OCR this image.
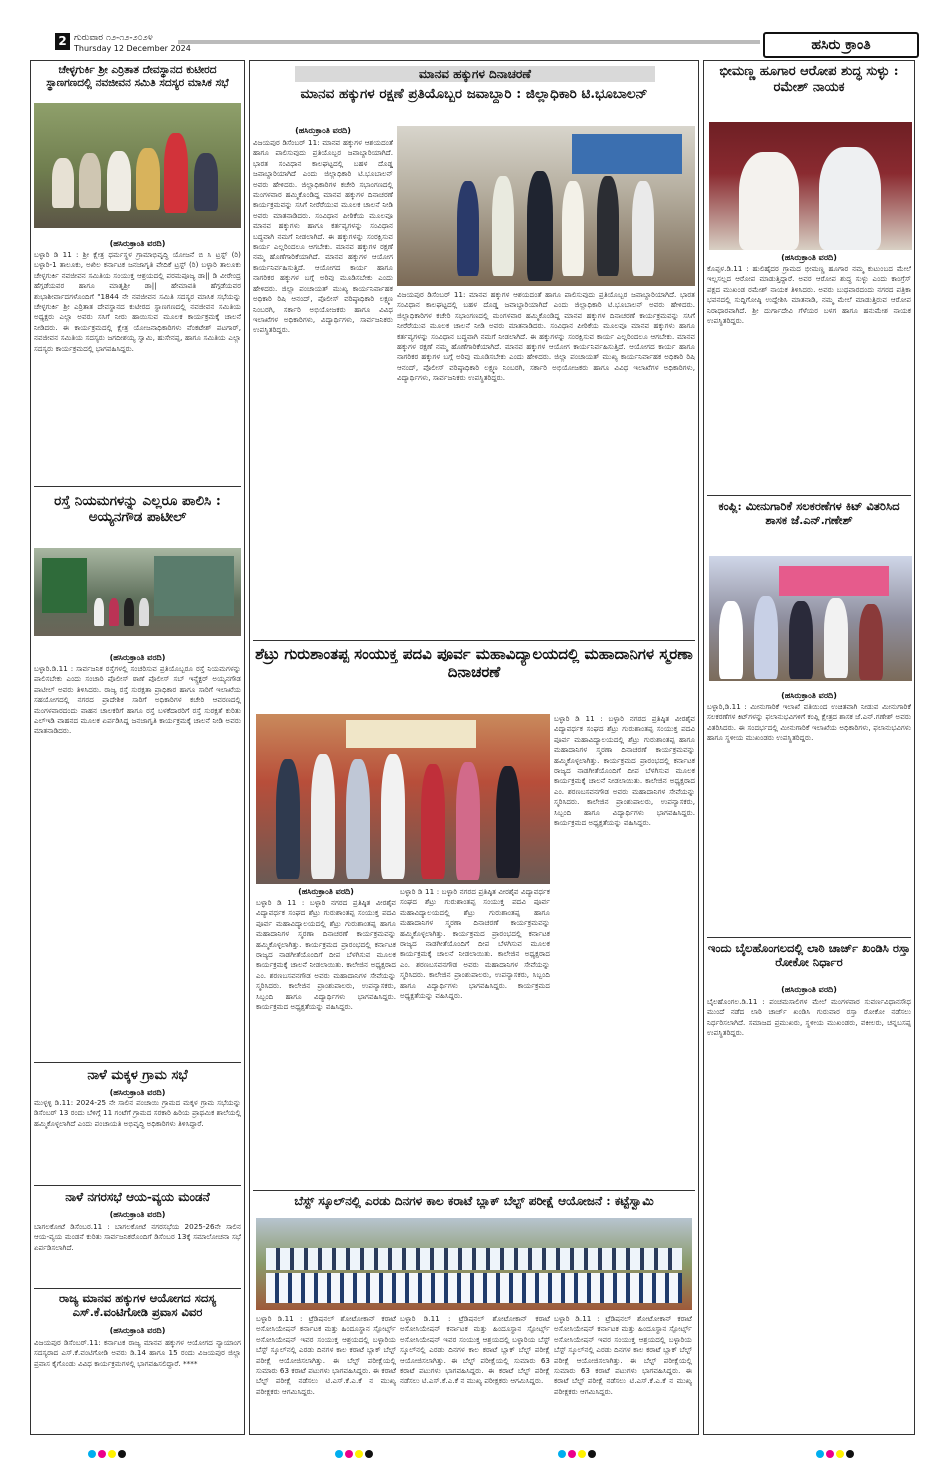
2 ಗುರುವಾರ ೧೨-೧೨-೨೦೨೪
Thursday 12 December 2024	ಹಸಿರು ಕ್ರಾಂತಿ
ಚೇಳ್ಳಗುರ್ಕಿ ಶ್ರೀ ಎರ್ರಿತಾತ ದೇವಸ್ಥಾನದ ಕುಟೀರದ ಸ್ಥಾಣಗಣದಲ್ಲಿ ನವಜೀವನ ಸಮಿತಿ ಸದಸ್ಯರ ಮಾಸಿಕ ಸಭೆ
(ಹಸಿರುಕ್ರಾಂತಿ ವರದಿ)
ಬಳ್ಳಾರಿ ಡಿ 11 : ಶ್ರೀ ಕ್ಷೇತ್ರ ಧರ್ಮಸ್ಥಳ ಗ್ರಾಮಾಭಿವೃದ್ಧಿ ಯೋಜನೆ ಬಿ ಸಿ ಟ್ರಸ್ಟ್ (ರಿ) ಬಳ್ಳಾರಿ-1 ತಾಲೂಕು, ಅಖಿಲ ಕರ್ನಾಟಕ ಜನಜಾಗೃತಿ ವೇದಿಕೆ ಟ್ರಸ್ಟ್ (ರಿ) ಬಳ್ಳಾರಿ ತಾಲೂಕು ಚೇಳ್ಳಗುರ್ಕಿ ನವಜೀವನ ಸಮಿತಿಯ ಸಂಯುಕ್ತ ಆಶ್ರಯದಲ್ಲಿ ಪರಮಪೂಜ್ಯ ಡಾ|| ಡಿ ವೀರೇಂದ್ರ ಹೆಗ್ಗಡೆಯವರ ಹಾಗೂ ಮಾತೃಶ್ರೀ ಡಾ|| ಹೇಮಾವತಿ ಹೆಗ್ಗಡೆಯವರ ಶುಭಾಶೀರ್ವಾದಗಳೊಂದಿಗೆ "1844 ನೇ ನವಜೀವನ ಸಮಿತಿ ಸದಸ್ಯರ ಮಾಸಿಕ ಸಭೆಯನ್ನು ಚೇಳ್ಳಗುರ್ಕಿ ಶ್ರೀ ಎರ್ರಿತಾತ ದೇವಸ್ಥಾನದ ಕುಟೀರದ ಸ್ಥಾಣಗಣದಲ್ಲಿ ನವಜೀವನ ಸಮಿತಿಯ ಅಧ್ಯಕ್ಷರು ಎಲ್ಲಾ ಅವರು ಸಸಿಗೆ ನೀರು ಹಾಯಿಸುವ ಮೂಲಕ ಕಾರ್ಯಕ್ರಮಕ್ಕೆ ಚಾಲನೆ ನೀಡಿದರು. ಈ ಕಾರ್ಯಕ್ರಮದಲ್ಲಿ ಕ್ಷೇತ್ರ ಯೋಜನಾಧಿಕಾರಿಗಳು ವೆಂಕಟೇಶ್ ಪಟಗಾರ್, ನವಜೀವನ ಸಮಿತಿಯ ಸದಸ್ಯರು ಜಗದೀಶಯ್ಯ ಸ್ವಾಮಿ, ಹುಸೇನಪ್ಪ, ಹಾಗೂ ಸಮಿತಿಯ ಎಲ್ಲಾ ಸದಸ್ಯರು ಕಾರ್ಯಕ್ರಮದಲ್ಲಿ ಭಾಗವಹಿಸಿದ್ದರು.
ರಸ್ತೆ ನಿಯಮಗಳನ್ನು ಎಲ್ಲರೂ ಪಾಲಿಸಿ : ಅಯ್ಯನಗೌಡ ಪಾಟೀಲ್
(ಹಸಿರುಕ್ರಾಂತಿ ವರದಿ)
ಬಳ್ಳಾರಿ.ಡಿ.11 : ಸಾರ್ವಜನಿಕ ರಸ್ತೆಗಳಲ್ಲಿ ಸಂಚರಿಸುವ ಪ್ರತಿಯೊಬ್ಬರೂ ರಸ್ತೆ ನಿಯಮಗಳನ್ನು ಪಾಲಿಸಬೇಕು ಎಂದು ಸಂಚಾರಿ ಪೊಲೀಸ್ ಠಾಣೆ ಪೊಲೀಸ್ ಸಬ್ ಇನ್ಸ್ಪೆಕ್ಟರ್ ಅಯ್ಯನಗೌಡ ಪಾಟೀಲ್ ಅವರು ತಿಳಿಸಿದರು. ರಾಜ್ಯ ರಸ್ತೆ ಸುರಕ್ಷತಾ ಪ್ರಾಧಿಕಾರ ಹಾಗೂ ಸಾರಿಗೆ ಇಲಾಖೆಯ ಸಹಯೋಗದಲ್ಲಿ ನಗರದ ಪ್ರಾದೇಶಿಕ ಸಾರಿಗೆ ಅಧಿಕಾರಿಗಳ ಕಚೇರಿ ಆವರಣದಲ್ಲಿ ಮಂಗಳವಾರದಂದು ವಾಹನ ಚಾಲಕರಿಗೆ ಹಾಗೂ ರಸ್ತೆ ಬಳಕೆದಾರರಿಗೆ ರಸ್ತೆ ಸುರಕ್ಷತೆ ಕುರಿತು ಎಲ್ಇಡಿ ವಾಹನದ ಮೂಲಕ ಏರ್ಪಡಿಸಿದ್ದ ಜನಜಾಗೃತಿ ಕಾರ್ಯಕ್ರಮಕ್ಕೆ ಚಾಲನೆ ನೀಡಿ ಅವರು ಮಾತನಾಡಿದರು.
ನಾಳೆ ಮಕ್ಕಳ ಗ್ರಾಮ ಸಭೆ
(ಹಸಿರುಕ್ರಾಂತಿ ವರದಿ)
ಮುಳ್ಳಳ್ಳಿ ಡಿ.11: 2024-25 ನೇ ಸಾಲಿನ ಪಂಚಾಯಿ ಗ್ರಾಮದ ಮಕ್ಕಳ ಗ್ರಾಮ ಸಭೆಯನ್ನು ಡಿಸೆಂಬರ್ 13 ರಂದು ಬೆಳಿಗ್ಗೆ 11 ಗಂಟೆಗೆ ಗ್ರಾಮದ ಸರಕಾರಿ ಹಿರಿಯ ಪ್ರಾಥಮಿಕ ಶಾಲೆಯಲ್ಲಿ ಹಮ್ಮಿಕೊಳ್ಳಲಾಗಿದೆ ಎಂದು ಪಂಚಾಯತಿ ಅಭಿವೃದ್ಧಿ ಅಧಿಕಾರಿಗಳು ತಿಳಿಸಿದ್ದಾರೆ.
ನಾಳೆ ನಗರಸಭೆ ಆಯ-ವ್ಯಯ ಮಂಡನೆ
(ಹಸಿರುಕ್ರಾಂತಿ ವರದಿ)
ಬಾಗಲಕೋಟೆ ಡಿಸೆಂಬರ.11 : ಬಾಗಲಕೋಟೆ ನಗರಸಭೆಯ 2025-26ನೇ ಸಾಲಿನ ಆಯ-ವ್ಯಯ ಮಂಡನೆ ಕುರಿತು ಸಾರ್ವಜನಿಕರೊಂದಿಗೆ ಡಿಸೆಂಬರ 13ಕ್ಕೆ ಸಮಾಲೋಚನಾ ಸಭೆ ಏರ್ಪಡಿಸಲಾಗಿದೆ.
ರಾಜ್ಯ ಮಾನವ ಹಕ್ಕುಗಳ ಆಯೋಗದ ಸದಸ್ಯ ಎಸ್.ಕೆ.ವಂಟಿಗೋಡಿ ಪ್ರವಾಸ ವಿವರ
(ಹಸಿರುಕ್ರಾಂತಿ ವರದಿ)
ವಿಜಯಪುರ ಡಿಸೆಂಬರ್.11: ಕರ್ನಾಟಕ ರಾಜ್ಯ ಮಾನವ ಹಕ್ಕುಗಳ ಆಯೋಗದ ನ್ಯಾಯಾಂಗ ಸದಸ್ಯರಾದ ಎಸ್.ಕೆ.ವಂಟಿಗೋಡಿ ಅವರು ಡಿ.14 ಹಾಗೂ 15 ರಂದು ವಿಜಯಪುರ ಜಿಲ್ಲಾ ಪ್ರವಾಸ ಕೈಗೊಂಡು ವಿವಿಧ ಕಾರ್ಯಕ್ರಮಗಳಲ್ಲಿ ಭಾಗವಹಿಸಲಿದ್ದಾರೆ. ****
ಮಾನವ ಹಕ್ಕುಗಳ ದಿನಾಚರಣೆ
ಮಾನವ ಹಕ್ಕುಗಳ ರಕ್ಷಣೆ ಪ್ರತಿಯೊಬ್ಬರ ಜವಾಬ್ದಾರಿ : ಜಿಲ್ಲಾಧಿಕಾರಿ ಟಿ.ಭೂಬಾಲನ್
(ಹಸಿರುಕ್ರಾಂತಿ ವರದಿ)
ವಿಜಯಪುರ ಡಿಸೆಂಬರ್ 11: ಮಾನವ ಹಕ್ಕುಗಳ ಆಶಯದಂತೆ ಹಾಗೂ ಪಾಲಿಸುವುದು ಪ್ರತಿಯೊಬ್ಬರ ಜವಾಬ್ದಾರಿಯಾಗಿದೆ. ಭಾರತ ಸಂವಿಧಾನ ಕಾಲಘಟ್ಟದಲ್ಲಿ ಬಹಳ ದೊಡ್ಡ ಜವಾಬ್ದಾರಿಯಾಗಿದೆ ಎಂದು ಜಿಲ್ಲಾಧಿಕಾರಿ ಟಿ.ಭೂಬಾಲನ್ ಅವರು ಹೇಳಿದರು. ಜಿಲ್ಲಾಧಿಕಾರಿಗಳ ಕಚೇರಿ ಸಭಾಂಗಣದಲ್ಲಿ ಮಂಗಳವಾರ ಹಮ್ಮಿಕೊಂಡಿದ್ದ ಮಾನವ ಹಕ್ಕುಗಳ ದಿನಾಚರಣೆ ಕಾರ್ಯಕ್ರಮವನ್ನು ಸಸಿಗೆ ನೀರೆರೆಯುವ ಮೂಲಕ ಚಾಲನೆ ನೀಡಿ ಅವರು ಮಾತನಾಡಿದರು. ಸಂವಿಧಾನ ಪೀಠಿಕೆಯ ಮೂಲವೂ ಮಾನವ ಹಕ್ಕುಗಳು ಹಾಗೂ ಕರ್ತವ್ಯಗಳನ್ನು ಸಂವಿಧಾನ ಬದ್ಧವಾಗಿ ನಮಗೆ ನೀಡಲಾಗಿದೆ. ಈ ಹಕ್ಕುಗಳನ್ನು ಸಂರಕ್ಷಿಸುವ ಕಾರ್ಯ ಎಲ್ಲರಿಂದಲೂ ಆಗಬೇಕು. ಮಾನವ ಹಕ್ಕುಗಳ ರಕ್ಷಣೆ ನಮ್ಮ ಹೊಣೆಗಾರಿಕೆಯಾಗಿದೆ. ಮಾನವ ಹಕ್ಕುಗಳ ಆಯೋಗ ಕಾರ್ಯನಿರ್ವಹಿಸುತ್ತಿದೆ. ಆಯೋಗದ ಕಾರ್ಯ ಹಾಗೂ ನಾಗರಿಕರ ಹಕ್ಕುಗಳ ಬಗ್ಗೆ ಅರಿವು ಮೂಡಿಸಬೇಕು ಎಂದು ಹೇಳಿದರು. ಜಿಲ್ಲಾ ಪಂಚಾಯತ್ ಮುಖ್ಯ ಕಾರ್ಯನಿರ್ವಾಹಕ ಅಧಿಕಾರಿ ರಿಷಿ ಆನಂದ್, ಪೊಲೀಸ್ ವರಿಷ್ಠಾಧಿಕಾರಿ ಲಕ್ಷ್ಮಣ ನಿಂಬರಗಿ, ಸರ್ಕಾರಿ ಅಭಿಯೋಜಕರು ಹಾಗೂ ವಿವಿಧ ಇಲಾಖೆಗಳ ಅಧಿಕಾರಿಗಳು, ವಿದ್ಯಾರ್ಥಿಗಳು, ಸಾರ್ವಜನಿಕರು ಉಪಸ್ಥಿತರಿದ್ದರು.
ವಿಜಯಪುರ ಡಿಸೆಂಬರ್ 11: ಮಾನವ ಹಕ್ಕುಗಳ ಆಶಯದಂತೆ ಹಾಗೂ ಪಾಲಿಸುವುದು ಪ್ರತಿಯೊಬ್ಬರ ಜವಾಬ್ದಾರಿಯಾಗಿದೆ. ಭಾರತ ಸಂವಿಧಾನ ಕಾಲಘಟ್ಟದಲ್ಲಿ ಬಹಳ ದೊಡ್ಡ ಜವಾಬ್ದಾರಿಯಾಗಿದೆ ಎಂದು ಜಿಲ್ಲಾಧಿಕಾರಿ ಟಿ.ಭೂಬಾಲನ್ ಅವರು ಹೇಳಿದರು. ಜಿಲ್ಲಾಧಿಕಾರಿಗಳ ಕಚೇರಿ ಸಭಾಂಗಣದಲ್ಲಿ ಮಂಗಳವಾರ ಹಮ್ಮಿಕೊಂಡಿದ್ದ ಮಾನವ ಹಕ್ಕುಗಳ ದಿನಾಚರಣೆ ಕಾರ್ಯಕ್ರಮವನ್ನು ಸಸಿಗೆ ನೀರೆರೆಯುವ ಮೂಲಕ ಚಾಲನೆ ನೀಡಿ ಅವರು ಮಾತನಾಡಿದರು. ಸಂವಿಧಾನ ಪೀಠಿಕೆಯ ಮೂಲವೂ ಮಾನವ ಹಕ್ಕುಗಳು ಹಾಗೂ ಕರ್ತವ್ಯಗಳನ್ನು ಸಂವಿಧಾನ ಬದ್ಧವಾಗಿ ನಮಗೆ ನೀಡಲಾಗಿದೆ. ಈ ಹಕ್ಕುಗಳನ್ನು ಸಂರಕ್ಷಿಸುವ ಕಾರ್ಯ ಎಲ್ಲರಿಂದಲೂ ಆಗಬೇಕು. ಮಾನವ ಹಕ್ಕುಗಳ ರಕ್ಷಣೆ ನಮ್ಮ ಹೊಣೆಗಾರಿಕೆಯಾಗಿದೆ. ಮಾನವ ಹಕ್ಕುಗಳ ಆಯೋಗ ಕಾರ್ಯನಿರ್ವಹಿಸುತ್ತಿದೆ. ಆಯೋಗದ ಕಾರ್ಯ ಹಾಗೂ ನಾಗರಿಕರ ಹಕ್ಕುಗಳ ಬಗ್ಗೆ ಅರಿವು ಮೂಡಿಸಬೇಕು ಎಂದು ಹೇಳಿದರು. ಜಿಲ್ಲಾ ಪಂಚಾಯತ್ ಮುಖ್ಯ ಕಾರ್ಯನಿರ್ವಾಹಕ ಅಧಿಕಾರಿ ರಿಷಿ ಆನಂದ್, ಪೊಲೀಸ್ ವರಿಷ್ಠಾಧಿಕಾರಿ ಲಕ್ಷ್ಮಣ ನಿಂಬರಗಿ, ಸರ್ಕಾರಿ ಅಭಿಯೋಜಕರು ಹಾಗೂ ವಿವಿಧ ಇಲಾಖೆಗಳ ಅಧಿಕಾರಿಗಳು, ವಿದ್ಯಾರ್ಥಿಗಳು, ಸಾರ್ವಜನಿಕರು ಉಪಸ್ಥಿತರಿದ್ದರು.
ಶೆಟ್ರು ಗುರುಶಾಂತಪ್ಪ ಸಂಯುಕ್ತ ಪದವಿ ಪೂರ್ವ ಮಹಾವಿದ್ಯಾಲಯದಲ್ಲಿ ಮಹಾದಾನಿಗಳ ಸ್ಮರಣಾ ದಿನಾಚರಣೆ
(ಹಸಿರುಕ್ರಾಂತಿ ವರದಿ)
ಬಳ್ಳಾರಿ ಡಿ 11 : ಬಳ್ಳಾರಿ ನಗರದ ಪ್ರತಿಷ್ಠಿತ ವೀರಶೈವ ವಿದ್ಯಾವರ್ಧಕ ಸಂಘದ ಶೆಟ್ರು ಗುರುಶಾಂತಪ್ಪ ಸಂಯುಕ್ತ ಪದವಿ ಪೂರ್ವ ಮಹಾವಿದ್ಯಾಲಯದಲ್ಲಿ ಶೆಟ್ರು ಗುರುಶಾಂತಪ್ಪ ಹಾಗೂ ಮಹಾದಾನಿಗಳ ಸ್ಮರಣಾ ದಿನಾಚರಣೆ ಕಾರ್ಯಕ್ರಮವನ್ನು ಹಮ್ಮಿಕೊಳ್ಳಲಾಗಿತ್ತು. ಕಾರ್ಯಕ್ರಮದ ಪ್ರಾರಂಭದಲ್ಲಿ ಕರ್ನಾಟಕ ರಾಜ್ಯದ ನಾಡಗೀತೆಯೊಂದಿಗೆ ದೀಪ ಬೆಳಗಿಸುವ ಮೂಲಕ ಕಾರ್ಯಕ್ರಮಕ್ಕೆ ಚಾಲನೆ ನೀಡಲಾಯಿತು. ಕಾಲೇಜಿನ ಅಧ್ಯಕ್ಷರಾದ ಎಂ. ಶರಣಬಸವನಗೌಡ ಅವರು ಮಹಾದಾನಿಗಳ ಸೇವೆಯನ್ನು ಸ್ಮರಿಸಿದರು. ಕಾಲೇಜಿನ ಪ್ರಾಂಶುಪಾಲರು, ಉಪನ್ಯಾಸಕರು, ಸಿಬ್ಬಂದಿ ಹಾಗೂ ವಿದ್ಯಾರ್ಥಿಗಳು ಭಾಗವಹಿಸಿದ್ದರು. ಕಾರ್ಯಕ್ರಮದ ಅಧ್ಯಕ್ಷತೆಯನ್ನು ವಹಿಸಿದ್ದರು.
ಬಳ್ಳಾರಿ ಡಿ 11 : ಬಳ್ಳಾರಿ ನಗರದ ಪ್ರತಿಷ್ಠಿತ ವೀರಶೈವ ವಿದ್ಯಾವರ್ಧಕ ಸಂಘದ ಶೆಟ್ರು ಗುರುಶಾಂತಪ್ಪ ಸಂಯುಕ್ತ ಪದವಿ ಪೂರ್ವ ಮಹಾವಿದ್ಯಾಲಯದಲ್ಲಿ ಶೆಟ್ರು ಗುರುಶಾಂತಪ್ಪ ಹಾಗೂ ಮಹಾದಾನಿಗಳ ಸ್ಮರಣಾ ದಿನಾಚರಣೆ ಕಾರ್ಯಕ್ರಮವನ್ನು ಹಮ್ಮಿಕೊಳ್ಳಲಾಗಿತ್ತು. ಕಾರ್ಯಕ್ರಮದ ಪ್ರಾರಂಭದಲ್ಲಿ ಕರ್ನಾಟಕ ರಾಜ್ಯದ ನಾಡಗೀತೆಯೊಂದಿಗೆ ದೀಪ ಬೆಳಗಿಸುವ ಮೂಲಕ ಕಾರ್ಯಕ್ರಮಕ್ಕೆ ಚಾಲನೆ ನೀಡಲಾಯಿತು. ಕಾಲೇಜಿನ ಅಧ್ಯಕ್ಷರಾದ ಎಂ. ಶರಣಬಸವನಗೌಡ ಅವರು ಮಹಾದಾನಿಗಳ ಸೇವೆಯನ್ನು ಸ್ಮರಿಸಿದರು. ಕಾಲೇಜಿನ ಪ್ರಾಂಶುಪಾಲರು, ಉಪನ್ಯಾಸಕರು, ಸಿಬ್ಬಂದಿ ಹಾಗೂ ವಿದ್ಯಾರ್ಥಿಗಳು ಭಾಗವಹಿಸಿದ್ದರು. ಕಾರ್ಯಕ್ರಮದ ಅಧ್ಯಕ್ಷತೆಯನ್ನು ವಹಿಸಿದ್ದರು.
ಬಳ್ಳಾರಿ ಡಿ 11 : ಬಳ್ಳಾರಿ ನಗರದ ಪ್ರತಿಷ್ಠಿತ ವೀರಶೈವ ವಿದ್ಯಾವರ್ಧಕ ಸಂಘದ ಶೆಟ್ರು ಗುರುಶಾಂತಪ್ಪ ಸಂಯುಕ್ತ ಪದವಿ ಪೂರ್ವ ಮಹಾವಿದ್ಯಾಲಯದಲ್ಲಿ ಶೆಟ್ರು ಗುರುಶಾಂತಪ್ಪ ಹಾಗೂ ಮಹಾದಾನಿಗಳ ಸ್ಮರಣಾ ದಿನಾಚರಣೆ ಕಾರ್ಯಕ್ರಮವನ್ನು ಹಮ್ಮಿಕೊಳ್ಳಲಾಗಿತ್ತು. ಕಾರ್ಯಕ್ರಮದ ಪ್ರಾರಂಭದಲ್ಲಿ ಕರ್ನಾಟಕ ರಾಜ್ಯದ ನಾಡಗೀತೆಯೊಂದಿಗೆ ದೀಪ ಬೆಳಗಿಸುವ ಮೂಲಕ ಕಾರ್ಯಕ್ರಮಕ್ಕೆ ಚಾಲನೆ ನೀಡಲಾಯಿತು. ಕಾಲೇಜಿನ ಅಧ್ಯಕ್ಷರಾದ ಎಂ. ಶರಣಬಸವನಗೌಡ ಅವರು ಮಹಾದಾನಿಗಳ ಸೇವೆಯನ್ನು ಸ್ಮರಿಸಿದರು. ಕಾಲೇಜಿನ ಪ್ರಾಂಶುಪಾಲರು, ಉಪನ್ಯಾಸಕರು, ಸಿಬ್ಬಂದಿ ಹಾಗೂ ವಿದ್ಯಾರ್ಥಿಗಳು ಭಾಗವಹಿಸಿದ್ದರು. ಕಾರ್ಯಕ್ರಮದ ಅಧ್ಯಕ್ಷತೆಯನ್ನು ವಹಿಸಿದ್ದರು.
ಬೆಸ್ಟ್ ಸ್ಕೂಲ್‌ನಲ್ಲಿ ಎರಡು ದಿನಗಳ ಕಾಲ ಕರಾಟೆ ಬ್ಲಾಕ್ ಬೆಲ್ಟ್ ಪರೀಕ್ಷೆ ಆಯೋಜನೆ : ಕಟ್ಟೆಸ್ವಾಮಿ
ಬಳ್ಳಾರಿ ಡಿ.11 : ಟ್ರೆಡಿಷನಲ್ ಶೋಟೋಕಾನ್ ಕರಾಟೆ ಅಸೋಸಿಯೇಷನ್ ಕರ್ನಾಟಕ ಮತ್ತು ಹಿಂದೂಸ್ಥಾನ ಸ್ಪೋರ್ಟ್ಸ್ ಅಸೋಸಿಯೇಷನ್ ಇವರ ಸಂಯುಕ್ತ ಆಶ್ರಯದಲ್ಲಿ ಬಳ್ಳಾರಿಯ ಬೆಸ್ಟ್ ಸ್ಕೂಲ್‌ನಲ್ಲಿ ಎರಡು ದಿನಗಳ ಕಾಲ ಕರಾಟೆ ಬ್ಲಾಕ್ ಬೆಲ್ಟ್ ಪರೀಕ್ಷೆ ಆಯೋಜಿಸಲಾಗಿತ್ತು. ಈ ಬೆಲ್ಟ್ ಪರೀಕ್ಷೆಯಲ್ಲಿ ಸುಮಾರು 63 ಕರಾಟೆ ಪಟುಗಳು ಭಾಗವಹಿಸಿದ್ದರು. ಈ ಕರಾಟೆ ಬೆಲ್ಟ್ ಪರೀಕ್ಷೆ ನಡೆಸಲು ಟಿ.ಎಸ್.ಕೆ.ಎ.ಕೆ ನ ಮುಖ್ಯ ಪರೀಕ್ಷಕರು ಆಗಮಿಸಿದ್ದರು.
ಬಳ್ಳಾರಿ ಡಿ.11 : ಟ್ರೆಡಿಷನಲ್ ಶೋಟೋಕಾನ್ ಕರಾಟೆ ಅಸೋಸಿಯೇಷನ್ ಕರ್ನಾಟಕ ಮತ್ತು ಹಿಂದೂಸ್ಥಾನ ಸ್ಪೋರ್ಟ್ಸ್ ಅಸೋಸಿಯೇಷನ್ ಇವರ ಸಂಯುಕ್ತ ಆಶ್ರಯದಲ್ಲಿ ಬಳ್ಳಾರಿಯ ಬೆಸ್ಟ್ ಸ್ಕೂಲ್‌ನಲ್ಲಿ ಎರಡು ದಿನಗಳ ಕಾಲ ಕರಾಟೆ ಬ್ಲಾಕ್ ಬೆಲ್ಟ್ ಪರೀಕ್ಷೆ ಆಯೋಜಿಸಲಾಗಿತ್ತು. ಈ ಬೆಲ್ಟ್ ಪರೀಕ್ಷೆಯಲ್ಲಿ ಸುಮಾರು 63 ಕರಾಟೆ ಪಟುಗಳು ಭಾಗವಹಿಸಿದ್ದರು. ಈ ಕರಾಟೆ ಬೆಲ್ಟ್ ಪರೀಕ್ಷೆ ನಡೆಸಲು ಟಿ.ಎಸ್.ಕೆ.ಎ.ಕೆ ನ ಮುಖ್ಯ ಪರೀಕ್ಷಕರು ಆಗಮಿಸಿದ್ದರು.
ಬಳ್ಳಾರಿ ಡಿ.11 : ಟ್ರೆಡಿಷನಲ್ ಶೋಟೋಕಾನ್ ಕರಾಟೆ ಅಸೋಸಿಯೇಷನ್ ಕರ್ನಾಟಕ ಮತ್ತು ಹಿಂದೂಸ್ಥಾನ ಸ್ಪೋರ್ಟ್ಸ್ ಅಸೋಸಿಯೇಷನ್ ಇವರ ಸಂಯುಕ್ತ ಆಶ್ರಯದಲ್ಲಿ ಬಳ್ಳಾರಿಯ ಬೆಸ್ಟ್ ಸ್ಕೂಲ್‌ನಲ್ಲಿ ಎರಡು ದಿನಗಳ ಕಾಲ ಕರಾಟೆ ಬ್ಲಾಕ್ ಬೆಲ್ಟ್ ಪರೀಕ್ಷೆ ಆಯೋಜಿಸಲಾಗಿತ್ತು. ಈ ಬೆಲ್ಟ್ ಪರೀಕ್ಷೆಯಲ್ಲಿ ಸುಮಾರು 63 ಕರಾಟೆ ಪಟುಗಳು ಭಾಗವಹಿಸಿದ್ದರು. ಈ ಕರಾಟೆ ಬೆಲ್ಟ್ ಪರೀಕ್ಷೆ ನಡೆಸಲು ಟಿ.ಎಸ್.ಕೆ.ಎ.ಕೆ ನ ಮುಖ್ಯ ಪರೀಕ್ಷಕರು ಆಗಮಿಸಿದ್ದರು.
ಭೀಮಣ್ಣ ಹೂಗಾರ ಆರೋಪ ಶುದ್ಧ ಸುಳ್ಳು : ರಮೇಶ್ ನಾಯಕ
(ಹಸಿರುಕ್ರಾಂತಿ ವರದಿ)
ಕೊಪ್ಪಳ.ಡಿ.11 : ಹುಲಿಹೈದರ ಗ್ರಾಮದ ಭೀಮಣ್ಣ ಹೂಗಾರ ನಮ್ಮ ಕುಟುಂಬದ ಮೇಲೆ ಇಲ್ಲಸಲ್ಲದ ಆರೋಪ ಮಾಡುತ್ತಿದ್ದಾರೆ. ಅವರ ಆರೋಪ ಶುದ್ಧ ಸುಳ್ಳು ಎಂದು ಕಾಂಗ್ರೆಸ್ ಪಕ್ಷದ ಮುಖಂಡ ರಮೇಶ್ ನಾಯಕ ತಿಳಿಸಿದರು. ಅವರು ಬುಧವಾರದಂದು ನಗರದ ಪತ್ರಿಕಾ ಭವನದಲ್ಲಿ ಸುದ್ದಿಗೋಷ್ಠಿ ಉದ್ದೇಶಿಸಿ ಮಾತನಾಡಿ, ನಮ್ಮ ಮೇಲೆ ಮಾಡುತ್ತಿರುವ ಆರೋಪ ನಿರಾಧಾರವಾಗಿದೆ. ಶ್ರೀ ದುರ್ಗಾದೇವಿ ಗೆಳೆಯರ ಬಳಗ ಹಾಗೂ ಹನುಮೇಶ ನಾಯಕ ಉಪಸ್ಥಿತರಿದ್ದರು.
ಕಂಪ್ಲಿ: ಮೀನುಗಾರಿಕೆ ಸಲಕರಣೆಗಳ ಕಿಟ್ ವಿತರಿಸಿದ ಶಾಸಕ ಜೆ.ಎನ್.ಗಣೇಶ್
(ಹಸಿರುಕ್ರಾಂತಿ ವರದಿ)
ಬಳ್ಳಾರಿ,ಡಿ.11 : ಮೀನುಗಾರಿಕೆ ಇಲಾಖೆ ವತಿಯಿಂದ ಉಚಿತವಾಗಿ ನೀಡುವ ಮೀನುಗಾರಿಕೆ ಸಲಕರಣೆಗಳ ಕಿಟ್‌ಗಳನ್ನು ಫಲಾನುಭವಿಗಳಿಗೆ ಕಂಪ್ಲಿ ಕ್ಷೇತ್ರದ ಶಾಸಕ ಜೆ.ಎನ್.ಗಣೇಶ್ ಅವರು ವಿತರಿಸಿದರು. ಈ ಸಂದರ್ಭದಲ್ಲಿ ಮೀನುಗಾರಿಕೆ ಇಲಾಖೆಯ ಅಧಿಕಾರಿಗಳು, ಫಲಾನುಭವಿಗಳು ಹಾಗೂ ಸ್ಥಳೀಯ ಮುಖಂಡರು ಉಪಸ್ಥಿತರಿದ್ದರು.
ಇಂದು ಬೈಲಹೊಂಗಲದಲ್ಲಿ ಲಾಠಿ ಚಾರ್ಜ್ ಖಂಡಿಸಿ ರಸ್ತಾ ರೋಕೋ ನಿರ್ಧಾರ
(ಹಸಿರುಕ್ರಾಂತಿ ವರದಿ)
ಬೈಲಹೊಂಗಲ.ಡಿ.11 : ಪಂಚಮಸಾಲಿಗಳ ಮೇಲೆ ಮಂಗಳವಾರ ಸುವರ್ಣವಿಧಾನಸೌಧ ಮುಂದೆ ನಡೆದ ಲಾಠಿ ಚಾರ್ಜ್ ಖಂಡಿಸಿ ಗುರುವಾರ ರಸ್ತಾ ರೋಕೋ ನಡೆಸಲು ನಿರ್ಧರಿಸಲಾಗಿದೆ. ಸಮಾಜದ ಪ್ರಮುಖರು, ಸ್ಥಳೀಯ ಮುಖಂಡರು, ವಕೀಲರು, ಚನ್ನಬಸಪ್ಪ ಉಪಸ್ಥಿತರಿದ್ದರು.
